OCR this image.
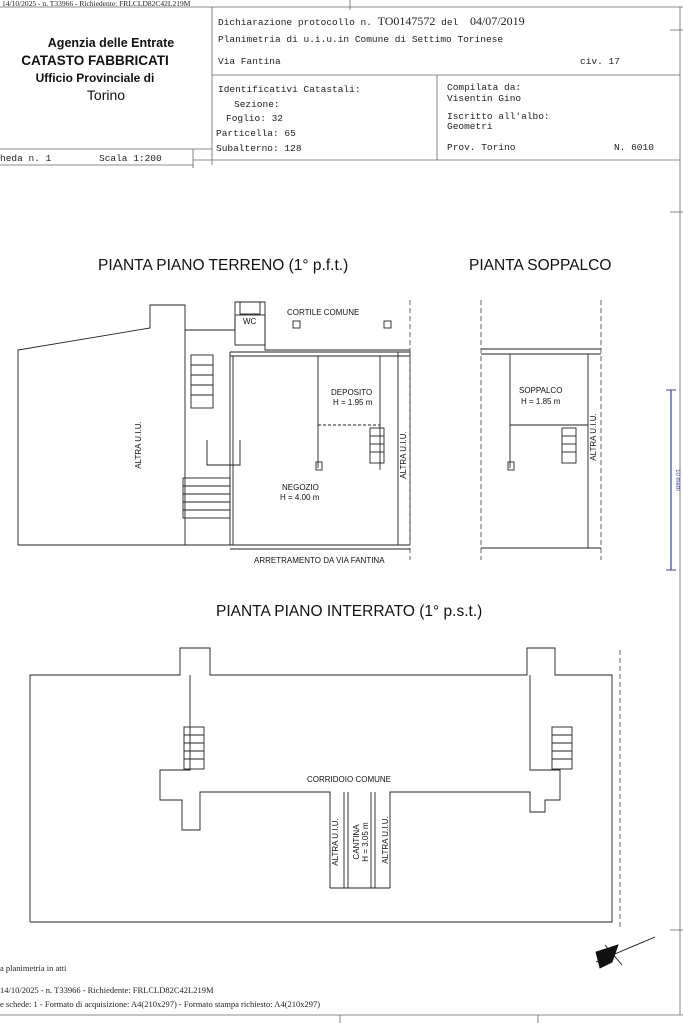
14/10/2025 - n. T33966 - Richiedente: FRLCLD82C42L219M
Agenzia delle Entrate
CATASTO FABBRICATI
Ufficio Provinciale di
Torino
Dichiarazione protocollo n. TO0147572 del 04/07/2019
Planimetria di u.i.u.in Comune di Settimo Torinese
Via Fantina	civ. 17
Identificativi Catastali:
Sezione:
Foglio: 32
Particella: 65
Subalterno: 128
Compilata da:
Visentin Gino
Iscritto all'albo:
Geometri
Prov. Torino	N. 6010
heda n. 1	Scala 1:200
10 metri
PIANTA PIANO TERRENO (1° p.f.t.)	PIANTA SOPPALCO
PIANTA PIANO INTERRATO (1° p.s.t.)
WC
CORTILE COMUNE
DEPOSITO
H = 1.95 m
NEGOZIO
H = 4.00 m
ALTRA U.I.U.	ALTRA U.I.U.
ARRETRAMENTO DA VIA FANTINA
SOPPALCO
H = 1.85 m
ALTRA U.I.U.
CORRIDOIO COMUNE
ALTRA U.I.U. CANTINA H = 3.05 m ALTRA U.I.U.
a planimetria in atti
14/10/2025 - n. T33966 - Richiedente: FRLCLD82C42L219M
e schede: 1 - Formato di acquisizione: A4(210x297) - Formato stampa richiesto: A4(210x297)
